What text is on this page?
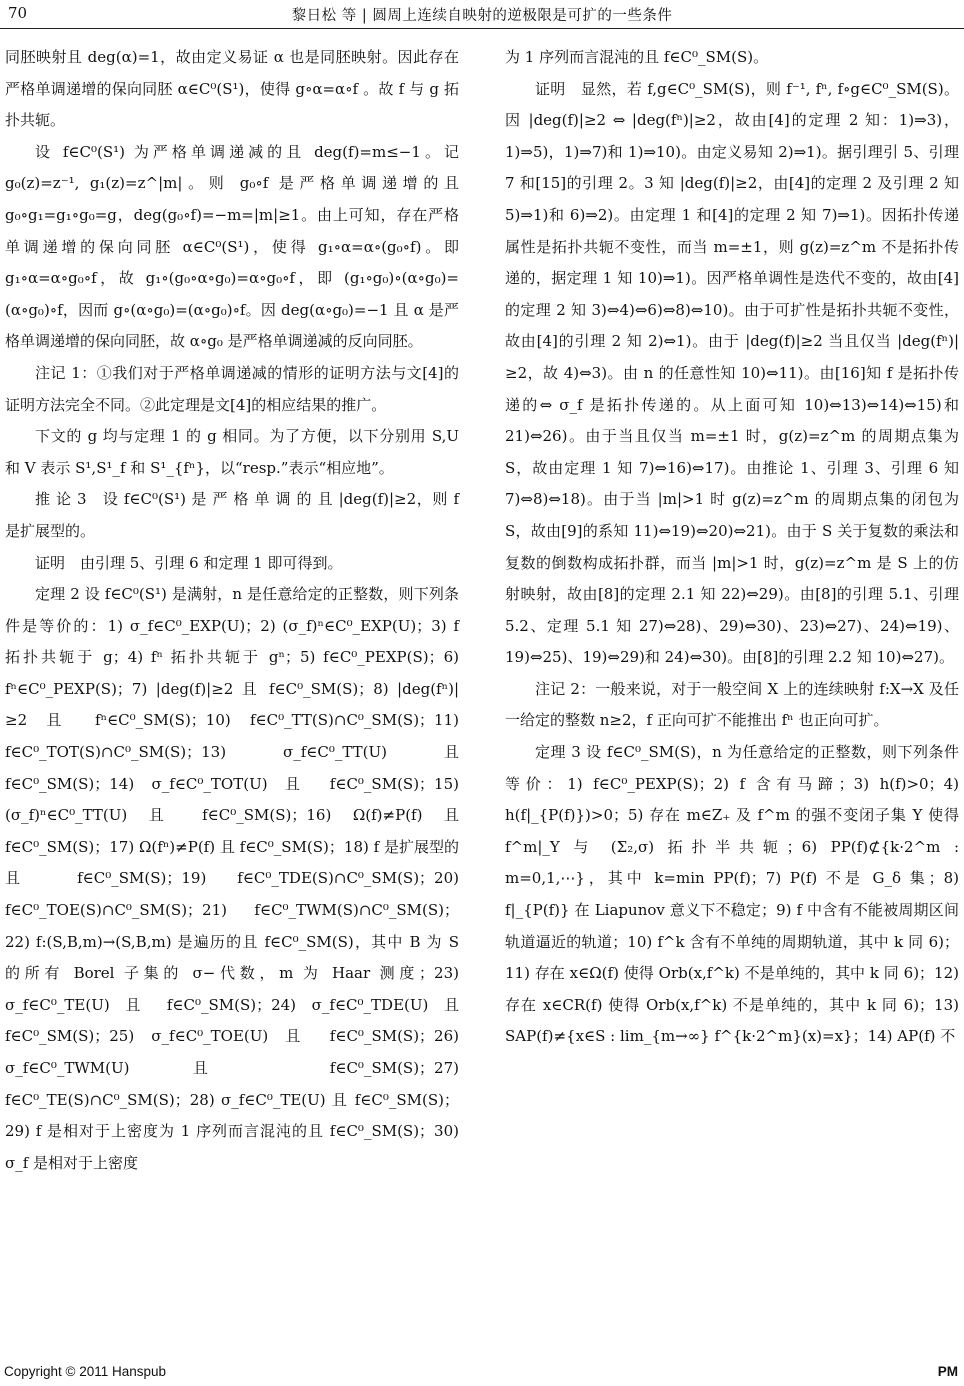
70	黎日松 等 | 圆周上连续自映射的逆极限是可扩的一些条件

同胚映射且 deg(α)=1，故由定义易证 α 也是同胚映射。因此存在严格单调递增的保向同胚 α∈C⁰(S¹)，使得 g∘α=α∘f 。故 f 与 g 拓扑共轭。

设 f∈C⁰(S¹) 为严格单调递减的且 deg(f)=m≤−1。记 g₀(z)=z⁻¹, g₁(z)=z^|m|。则 g₀∘f 是严格单调递增的且 g₀∘g₁=g₁∘g₀=g，deg(g₀∘f)=−m=|m|≥1。由上可知，存在严格单调递增的保向同胚 α∈C⁰(S¹)，使得 g₁∘α=α∘(g₀∘f)。即 g₁∘α=α∘g₀∘f，故 g₁∘(g₀∘α∘g₀)=α∘g₀∘f，即 (g₁∘g₀)∘(α∘g₀)=(α∘g₀)∘f，因而 g∘(α∘g₀)=(α∘g₀)∘f。因 deg(α∘g₀)=−1 且 α 是严格单调递增的保向同胚，故 α∘g₀ 是严格单调递减的反向同胚。

注记 1：①我们对于严格单调递减的情形的证明方法与文[4]的证明方法完全不同。②此定理是文[4]的相应结果的推广。

下文的 g 均与定理 1 的 g 相同。为了方便，以下分别用 S,U 和 V 表示 S¹,S¹_f 和 S¹_{fⁿ}，以“resp.”表示“相应地”。

推 论 3　设 f∈C⁰(S¹) 是 严 格 单 调 的 且 |deg(f)|≥2，则 f 是扩展型的。

证明　由引理 5、引理 6 和定理 1 即可得到。

定理 2 设 f∈C⁰(S¹) 是满射，n 是任意给定的正整数，则下列条件是等价的：1) σ_f∈C⁰_EXP(U)；2) (σ_f)ⁿ∈C⁰_EXP(U)；3) f 拓扑共轭于 g；4) fⁿ 拓扑共轭于 gⁿ；5) f∈C⁰_PEXP(S)；6) fⁿ∈C⁰_PEXP(S)；7) |deg(f)|≥2 且 f∈C⁰_SM(S)；8) |deg(fⁿ)|≥2 且 fⁿ∈C⁰_SM(S)；10) f∈C⁰_TT(S)∩C⁰_SM(S)；11) f∈C⁰_TOT(S)∩C⁰_SM(S)；13) σ_f∈C⁰_TT(U) 且 f∈C⁰_SM(S)；14) σ_f∈C⁰_TOT(U) 且 f∈C⁰_SM(S)；15) (σ_f)ⁿ∈C⁰_TT(U) 且 f∈C⁰_SM(S)；16) Ω(f)≠P(f) 且 f∈C⁰_SM(S)；17) Ω(fⁿ)≠P(f) 且 f∈C⁰_SM(S)；18) f 是扩展型的且 f∈C⁰_SM(S)；19) f∈C⁰_TDE(S)∩C⁰_SM(S)；20) f∈C⁰_TOE(S)∩C⁰_SM(S)；21) f∈C⁰_TWM(S)∩C⁰_SM(S)；22) f:(S,B,m)→(S,B,m) 是遍历的且 f∈C⁰_SM(S)，其中 B 为 S 的所有 Borel 子集的 σ−代数，m 为 Haar 测度；23) σ_f∈C⁰_TE(U) 且 f∈C⁰_SM(S)；24) σ_f∈C⁰_TDE(U) 且 f∈C⁰_SM(S)；25) σ_f∈C⁰_TOE(U) 且 f∈C⁰_SM(S)；26) σ_f∈C⁰_TWM(U) 且 f∈C⁰_SM(S)；27) f∈C⁰_TE(S)∩C⁰_SM(S)；28) σ_f∈C⁰_TE(U) 且 f∈C⁰_SM(S)；29) f 是相对于上密度为 1 序列而言混沌的且 f∈C⁰_SM(S)；30) σ_f 是相对于上密度

为 1 序列而言混沌的且 f∈C⁰_SM(S)。

证明　显然，若 f,g∈C⁰_SM(S)，则 f⁻¹, fⁿ, f∘g∈C⁰_SM(S)。因 |deg(f)|≥2 ⇔ |deg(fⁿ)|≥2，故由[4]的定理 2 知：1)⇒3)，1)⇒5)，1)⇒7)和 1)⇒10)。由定义易知 2)⇒1)。据引理引 5、引理 7 和[15]的引理 2。3 知 |deg(f)|≥2，由[4]的定理 2 及引理 2 知 5)⇒1)和 6)⇒2)。由定理 1 和[4]的定理 2 知 7)⇒1)。因拓扑传递属性是拓扑共轭不变性，而当 m=±1，则 g(z)=z^m 不是拓扑传递的，据定理 1 知 10)⇒1)。因严格单调性是迭代不变的，故由[4]的定理 2 知 3)⇔4)⇔6)⇔8)⇔10)。由于可扩性是拓扑共轭不变性，故由[4]的引理 2 知 2)⇔1)。由于 |deg(f)|≥2 当且仅当 |deg(fⁿ)|≥2，故 4)⇔3)。由 n 的任意性知 10)⇔11)。由[16]知 f 是拓扑传递的⇔ σ_f 是拓扑传递的。从上面可知 10)⇔13)⇔14)⇔15)和 21)⇔26)。由于当且仅当 m=±1 时，g(z)=z^m 的周期点集为 S，故由定理 1 知 7)⇔16)⇔17)。由推论 1、引理 3、引理 6 知 7)⇔8)⇔18)。由于当 |m|>1 时 g(z)=z^m 的周期点集的闭包为 S，故由[9]的系知 11)⇔19)⇔20)⇔21)。由于 S 关于复数的乘法和复数的倒数构成拓扑群，而当 |m|>1 时，g(z)=z^m 是 S 上的仿射映射，故由[8]的定理 2.1 知 22)⇔29)。由[8]的引理 5.1、引理 5.2、定理 5.1 知 27)⇔28)、29)⇔30)、23)⇔27)、24)⇔19)、19)⇔25)、19)⇔29)和 24)⇔30)。由[8]的引理 2.2 知 10)⇔27)。

注记 2：一般来说，对于一般空间 X 上的连续映射 f:X→X 及任一给定的整数 n≥2，f 正向可扩不能推出 fⁿ 也正向可扩。

定理 3 设 f∈C⁰_SM(S)，n 为任意给定的正整数，则下列条件等价：1) f∈C⁰_PEXP(S)；2) f 含有马蹄；3) h(f)>0；4) h(f|_{P(f)})>0；5) 存在 m∈Z₊ 及 f^m 的强不变闭子集 Y 使得 f^m|_Y 与 (Σ₂,σ) 拓扑半共轭；6) PP(f)⊄{k·2^m : m=0,1,⋯}，其中 k=min PP(f)；7) P(f) 不是 G_δ 集；8) f|_{P(f)} 在 Liapunov 意义下不稳定；9) f 中含有不能被周期区间轨道逼近的轨道；10) f^k 含有不单纯的周期轨道，其中 k 同 6)；11) 存在 x∈Ω(f) 使得 Orb(x,f^k) 不是单纯的，其中 k 同 6)；12) 存在 x∈CR(f) 使得 Orb(x,f^k) 不是单纯的，其中 k 同 6)；13) SAP(f)≠{x∈S : lim_{m→∞} f^{k·2^m}(x)=x}；14) AP(f) 不

Copyright © 2011 Hanspub	PM
